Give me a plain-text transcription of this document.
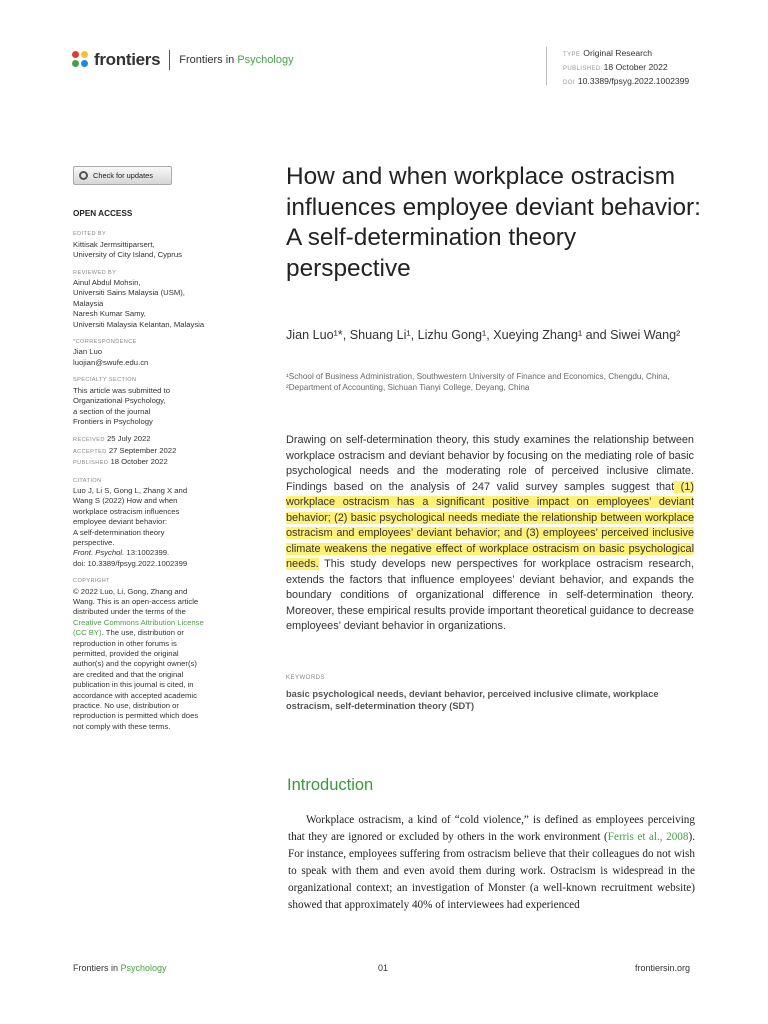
frontiers Frontiers in Psychology	TYPE Original Research
PUBLISHED 18 October 2022
DOI 10.3389/fpsyg.2022.1002399
Check for updates
OPEN ACCESS
EDITED BY
Kittisak Jermsittiparsert,
University of City Island, Cyprus
REVIEWED BY
Ainul Abdul Mohsin,
Universiti Sains Malaysia (USM),
Malaysia
Naresh Kumar Samy,
Universiti Malaysia Kelantan, Malaysia
*CORRESPONDENCE
Jian Luo
luojian@swufe.edu.cn
SPECIALTY SECTION
This article was submitted to
Organizational Psychology,
a section of the journal
Frontiers in Psychology
RECEIVED 25 July 2022
ACCEPTED 27 September 2022
PUBLISHED 18 October 2022
CITATION
Luo J, Li S, Gong L, Zhang X and
Wang S (2022) How and when
workplace ostracism influences
employee deviant behavior:
A self-determination theory
perspective.
Front. Psychol. 13:1002399.
doi: 10.3389/fpsyg.2022.1002399
COPYRIGHT
© 2022 Luo, Li, Gong, Zhang and
Wang. This is an open-access article
distributed under the terms of the
Creative Commons Attribution License
(CC BY). The use, distribution or
reproduction in other forums is
permitted, provided the original
author(s) and the copyright owner(s)
are credited and that the original
publication in this journal is cited, in
accordance with accepted academic
practice. No use, distribution or
reproduction is permitted which does
not comply with these terms.
How and when workplace ostracism influences employee deviant behavior: A self-determination theory perspective
Jian Luo¹*, Shuang Li¹, Lizhu Gong¹, Xueying Zhang¹ and Siwei Wang²
¹School of Business Administration, Southwestern University of Finance and Economics, Chengdu, China, ²Department of Accounting, Sichuan Tianyi College, Deyang, China
Drawing on self-determination theory, this study examines the relationship between workplace ostracism and deviant behavior by focusing on the mediating role of basic psychological needs and the moderating role of perceived inclusive climate. Findings based on the analysis of 247 valid survey samples suggest that (1) workplace ostracism has a significant positive impact on employees’ deviant behavior; (2) basic psychological needs mediate the relationship between workplace ostracism and employees’ deviant behavior; and (3) employees’ perceived inclusive climate weakens the negative effect of workplace ostracism on basic psychological needs. This study develops new perspectives for workplace ostracism research, extends the factors that influence employees’ deviant behavior, and expands the boundary conditions of organizational difference in self-determination theory. Moreover, these empirical results provide important theoretical guidance to decrease employees’ deviant behavior in organizations.
KEYWORDS
basic psychological needs, deviant behavior, perceived inclusive climate, workplace ostracism, self-determination theory (SDT)
Introduction
Workplace ostracism, a kind of “cold violence,” is defined as employees perceiving that they are ignored or excluded by others in the work environment (Ferris et al., 2008). For instance, employees suffering from ostracism believe that their colleagues do not wish to speak with them and even avoid them during work. Ostracism is widespread in the organizational context; an investigation of Monster (a well-known recruitment website) showed that approximately 40% of interviewees had experienced
Frontiers in Psychology	01	frontiersin.org
